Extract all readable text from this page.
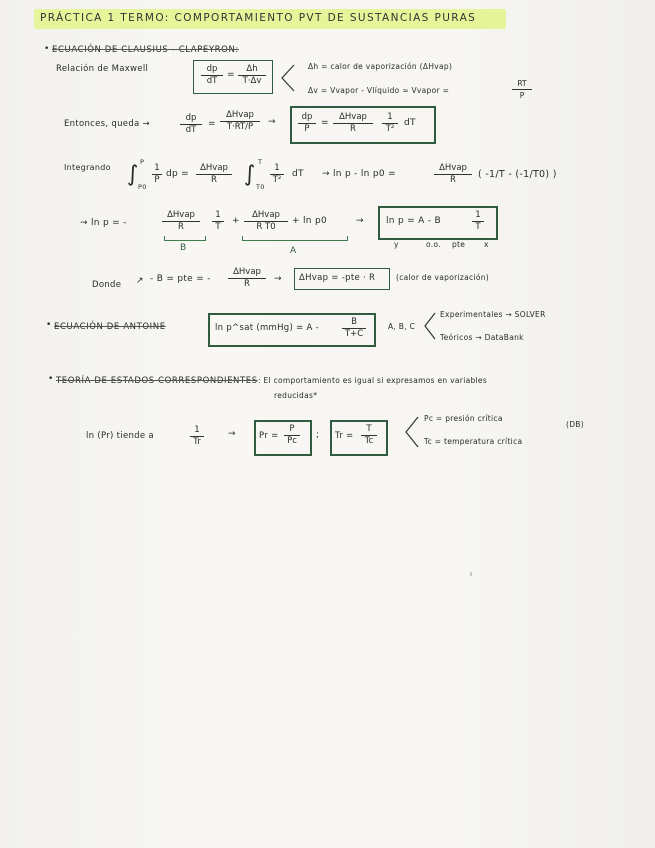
PRÁCTICA 1 TERMO: COMPORTAMIENTO PVT DE SUSTANCIAS PURAS
• ECUACIÓN DE CLAUSIUS - CLAPEYRON:
Relación de Maxwell	$\frac{dp}{dT} = \frac{\Delta h}{T\cdot\Delta v}$	Δh = calor de vaporización (ΔHvap)
Δv = Vvapor - Vlíquido ≃ Vvapor =	$\frac{RT}{P}$
Entonces, queda →	$\frac{dp}{dT}$ =
ΔHvap
T·RT/P	→	$\frac{dp}{P}$ =
ΔHvap
R	$\frac{1}{\text{T²}}$ dT
Integrando ∫ P
P0
$\frac{1}{P}$ dp =
ΔHvap
R	∫ T
T0
$\frac{1}{\text{T²}}$ dT → ln p - ln p0 =
ΔHvap
R	( -1/T - (-1/T0) )
→ ln p = -
ΔHvap
R	$\frac{1}{T}$ +
ΔHvap
R T0
+ ln p0
B	A
→ ln p = A - B	$\frac{1}{T}$
y	o.o. pte	x
Donde ↗ - B = pte = -
ΔHvap
R	→ ΔHvap = -pte · R	(calor de vaporización)
• ECUACIÓN DE ANTOINE	ln p^sat (mmHg) = A -	$\frac{B}{T+C}$	A, B, C
Experimentales → SOLVER
Teóricos → DataBank
• TEORÍA DE ESTADOS CORRESPONDIENTES : El comportamiento es igual si expresamos en variables
reducidas*
ln (Pr) tiende a	$\frac{1}{Tr}$	→	$Pr = \frac{P}{Pc}$ ; $Tr = \frac{T}{Tc}$
Pc = presión crítica
Tc = temperatura crítica
(DB)
ı
